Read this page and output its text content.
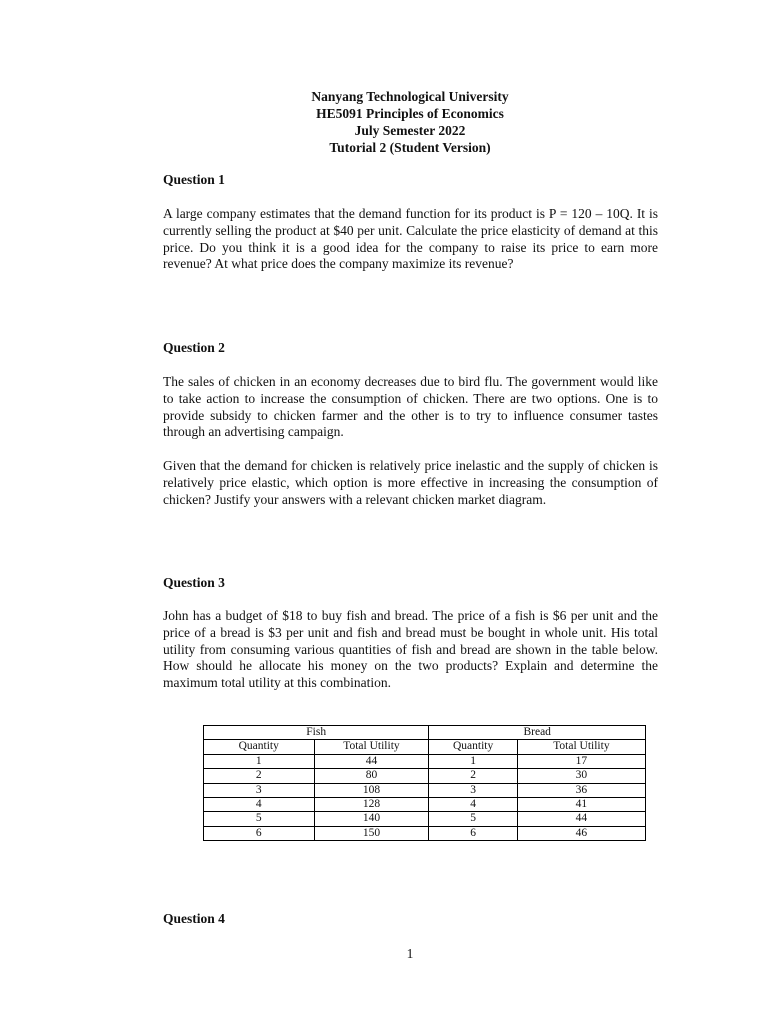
Nanyang Technological University
HE5091 Principles of Economics
July Semester 2022
Tutorial 2 (Student Version)
Question 1
A large company estimates that the demand function for its product is P = 120 – 10Q. It is currently selling the product at $40 per unit. Calculate the price elasticity of demand at this price. Do you think it is a good idea for the company to raise its price to earn more revenue? At what price does the company maximize its revenue?
Question 2
The sales of chicken in an economy decreases due to bird flu. The government would like to take action to increase the consumption of chicken. There are two options. One is to provide subsidy to chicken farmer and the other is to try to influence consumer tastes through an advertising campaign.
Given that the demand for chicken is relatively price inelastic and the supply of chicken is relatively price elastic, which option is more effective in increasing the consumption of chicken? Justify your answers with a relevant chicken market diagram.
Question 3
John has a budget of $18 to buy fish and bread. The price of a fish is $6 per unit and the price of a bread is $3 per unit and fish and bread must be bought in whole unit. His total utility from consuming various quantities of fish and bread are shown in the table below. How should he allocate his money on the two products? Explain and determine the maximum total utility at this combination.
Fish		Bread	
Quantity	Total Utility	Quantity	Total Utility
1	44	1	17
2	80	2	30
3	108	3	36
4	128	4	41
5	140	5	44
6	150	6	46
Question 4
1
